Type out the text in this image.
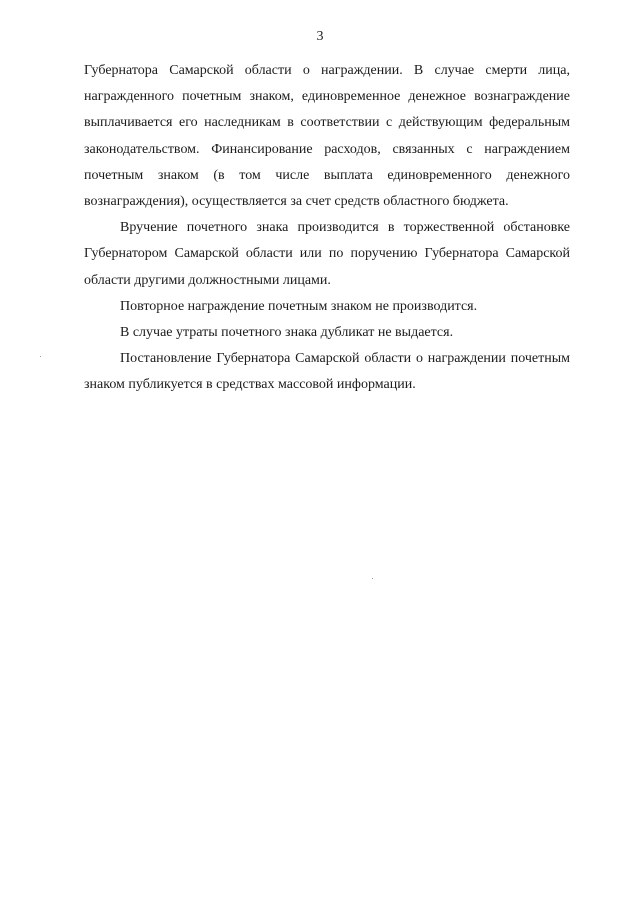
3

Губернатора Самарской области о награждении. В случае смерти лица, награжденного почетным знаком, единовременное денежное вознаграждение выплачивается его наследникам в соответствии с действующим федеральным законодательством. Финансирование расходов, связанных с награждением почетным знаком (в том числе выплата единовременного денежного вознаграждения), осуществляется за счет средств областного бюджета.

Вручение почетного знака производится в торжественной обстановке Губернатором Самарской области или по поручению Губернатора Самарской области другими должностными лицами.

Повторное награждение почетным знаком не производится.

В случае утраты почетного знака дубликат не выдается.

Постановление Губернатора Самарской области о награждении почетным знаком публикуется в средствах массовой информации.
